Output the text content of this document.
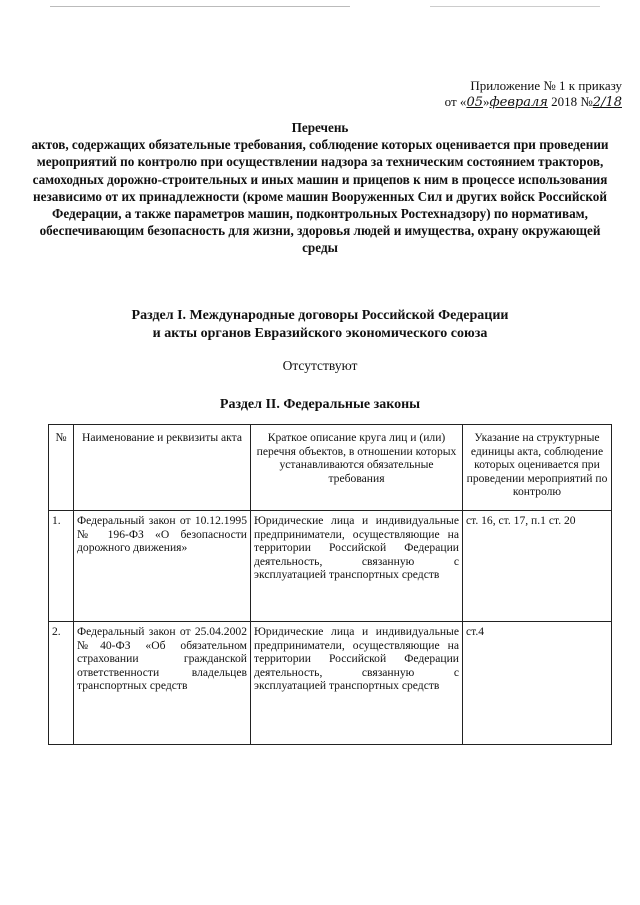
Приложение № 1 к приказу
от «05»февраля 2018 №2/18
Перечень
актов, содержащих обязательные требования, соблюдение которых оценивается при проведении мероприятий по контролю при осуществлении надзора за техническим состоянием тракторов, самоходных дорожно-строительных и иных машин и прицепов к ним в процессе использования независимо от их принадлежности (кроме машин Вооруженных Сил и других войск Российской Федерации, а также параметров машин, подконтрольных Ростехнадзору) по нормативам, обеспечивающим безопасность для жизни, здоровья людей и имущества, охрану окружающей среды
Раздел I. Международные договоры Российской Федерации
и акты органов Евразийского экономического союза
Отсутствуют
Раздел II. Федеральные законы
№	Наименование и реквизиты акта	Краткое описание круга лиц и (или) перечня объектов, в отношении которых устанавливаются обязательные требования	Указание на структурные единицы акта, соблюдение которых оценивается при проведении мероприятий по контролю
1.	Федеральный закон от 10.12.1995 № 196-ФЗ «О безопасности дорожного движения»	Юридические лица и индивидуальные предприниматели, осуществляющие на территории Российской Федерации деятельность, связанную с эксплуатацией транспортных средств	ст. 16, ст. 17, п.1 ст. 20
2.	Федеральный закон от 25.04.2002 №40-ФЗ «Об обязательном страховании гражданской ответственности владельцев транспортных средств	Юридические лица и индивидуальные предприниматели, осуществляющие на территории Российской Федерации деятельность, связанную с эксплуатацией транспортных средств	ст.4
